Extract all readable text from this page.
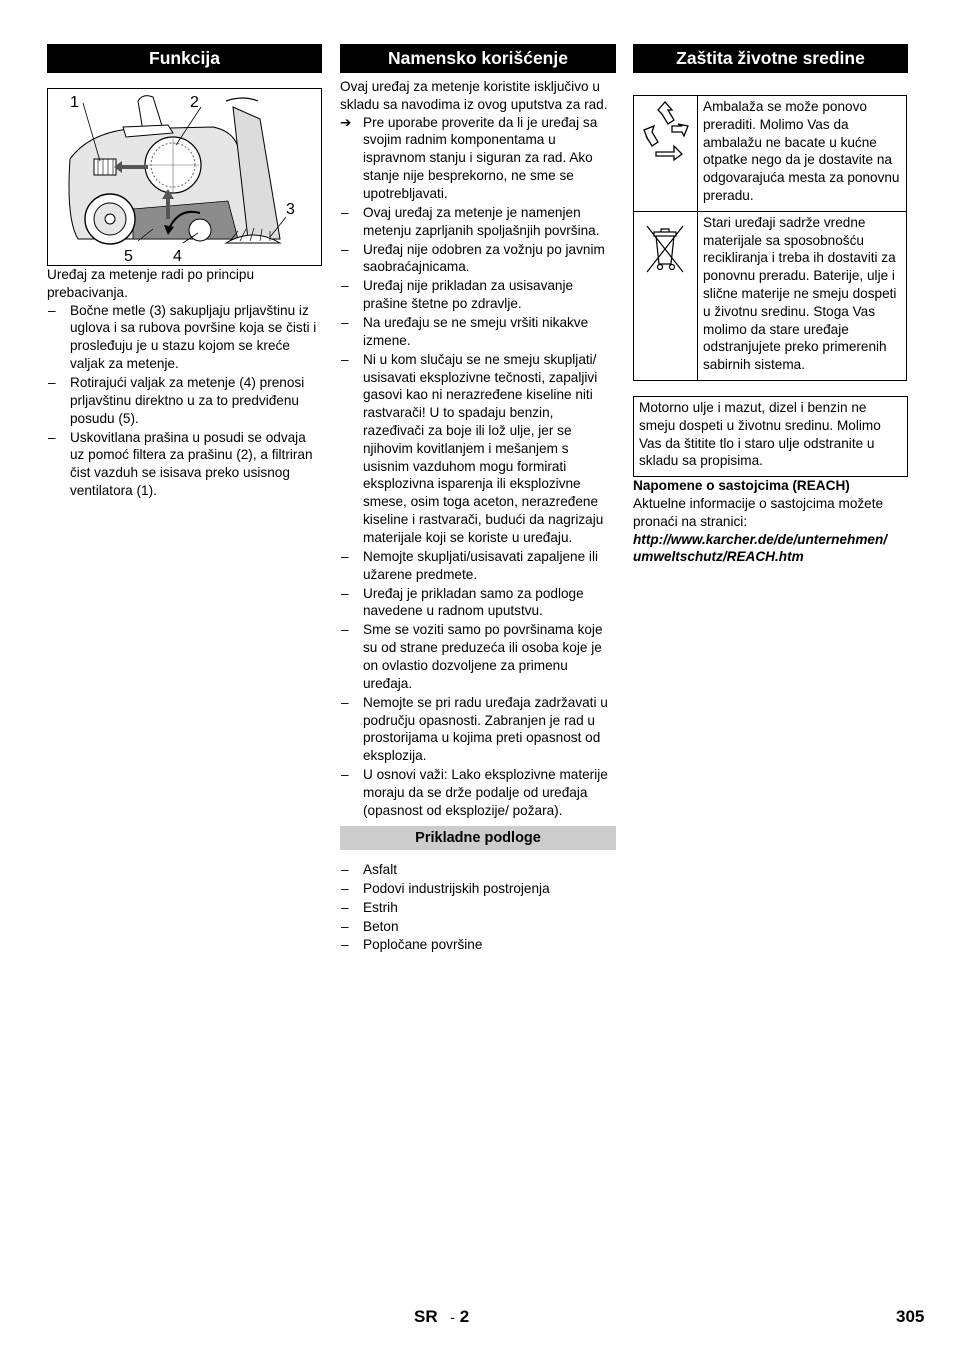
Funkcija
1	2
3
4
5

Uređaj za metenje radi po principu prebacivanja.

– Bočne metle (3) sakupljaju prljavštinu iz uglova i sa rubova površine koja se čisti i prosleđuju je u stazu kojom se kreće valjak za metenje.
– Rotirajući valjak za metenje (4) prenosi prljavštinu direktno u za to predviđenu posudu (5).
– Uskovitlana prašina u posudi se odvaja uz pomoć filtera za prašinu (2), a filtriran čist vazduh se isisava preko usisnog ventilatora (1).
Namensko korišćenje

Ovaj uređaj za metenje koristite isključivo u skladu sa navodima iz ovog uputstva za rad.

➔ Pre uporabe proverite da li je uređaj sa svojim radnim komponentama u ispravnom stanju i siguran za rad. Ako stanje nije besprekorno, ne sme se upotrebljavati.
– Ovaj uređaj za metenje je namenjen metenju zaprljanih spoljašnjih površina.
– Uređaj nije odobren za vožnju po javnim saobraćajnicama.
– Uređaj nije prikladan za usisavanje prašine štetne po zdravlje.
– Na uređaju se ne smeju vršiti nikakve izmene.
– Ni u kom slučaju se ne smeju skupljati/ usisavati eksplozivne tečnosti, zapaljivi gasovi kao ni nerazređene kiseline niti rastvarači! U to spadaju benzin, razeđivači za boje ili lož ulje, jer se njihovim kovitlanjem i mešanjem s usisnim vazduhom mogu formirati eksplozivna isparenja ili eksplozivne smese, osim toga aceton, nerazređene kiseline i rastvarači, budući da nagrizaju materijale koji se koriste u uređaju.
– Nemojte skupljati/usisavati zapaljene ili užarene predmete.
– Uređaj je prikladan samo za podloge navedene u radnom uputstvu.
– Sme se voziti samo po površinama koje su od strane preduzeća ili osoba koje je on ovlastio dozvoljene za primenu uređaja.
– Nemojte se pri radu uređaja zadržavati u području opasnosti. Zabranjen je rad u prostorijama u kojima preti opasnost od eksplozija.
– U osnovi važi: Lako eksplozivne materije moraju da se drže podalje od uređaja (opasnost od eksplozije/ požara).
Prikladne podloge
– Asfalt
– Podovi industrijskih postrojenja
– Estrih
– Beton
– Popločane površine
Zaštita životne sredine
	Ambalaža se može ponovo preraditi. Molimo Vas da ambalažu ne bacate u kućne otpatke nego da je dostavite na odgovarajuća mesta za ponovnu preradu.
	Stari uređaji sadrže vredne materijale sa sposobnošću recikliranja i treba ih dostaviti za ponovnu preradu. Baterije, ulje i slične materije ne smeju dospeti u životnu sredinu. Stoga Vas molimo da stare uređaje odstranjujete preko primerenih sabirnih sistema.
Motorno ulje i mazut, dizel i benzin ne smeju dospeti u životnu sredinu. Molimo Vas da štitite tlo i staro ulje odstranite u skladu sa propisima.

Napomene o sastojcima (REACH)

Aktuelne informacije o sastojcima možete pronaći na stranici:

http://www.karcher.de/de/unternehmen/

umweltschutz/REACH.htm

SR - 2	305
